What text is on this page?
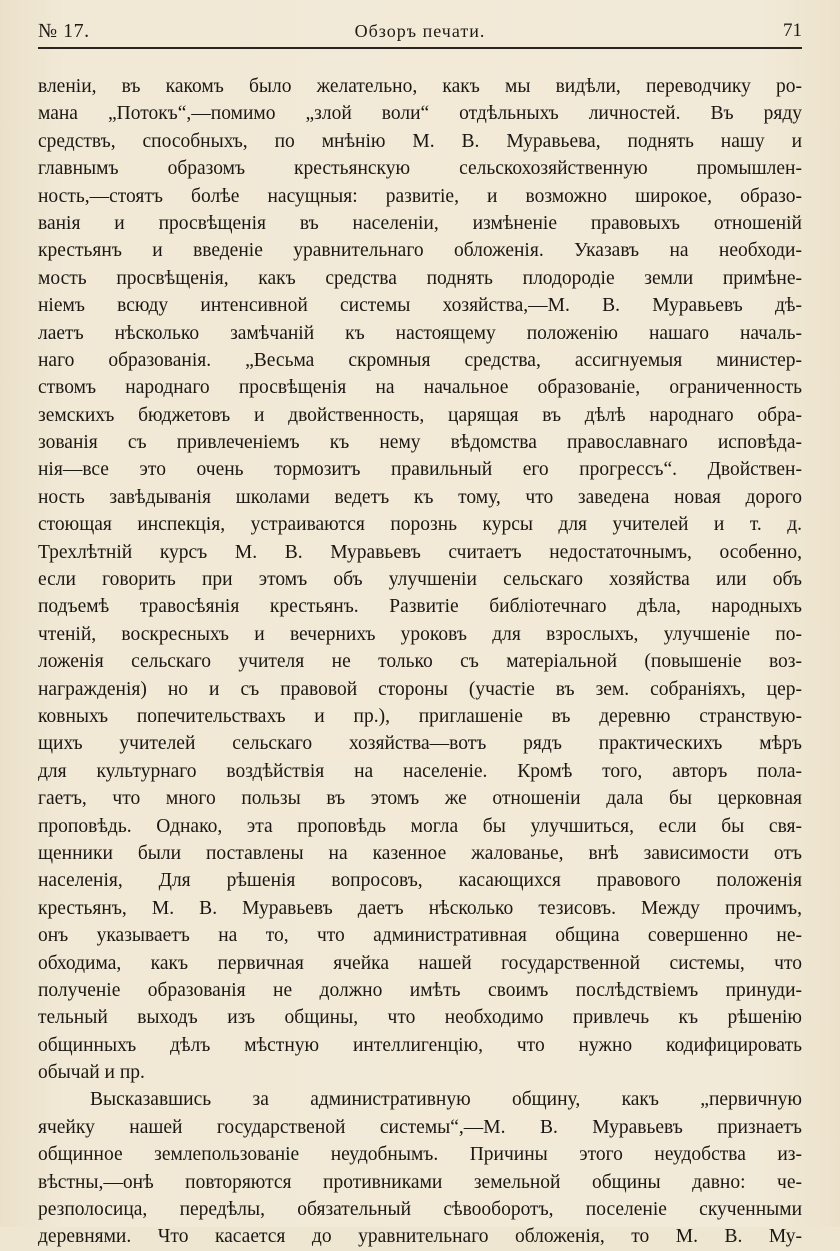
№ 17.	Обзоръ печати.	71
вленіи, въ какомъ было желательно, какъ мы видѣли, переводчику ро-
мана „Потокъ“,—помимо „злой воли“ отдѣльныхъ личностей. Въ ряду
средствъ, способныхъ, по мнѣнію М. В. Муравьева, поднять нашу и
главнымъ образомъ крестьянскую сельскохозяйственную промышлен-
ность,—стоятъ болѣе насущныя: развитіе, и возможно широкое, образо-
ванія и просвѣщенія въ населеніи, измѣненіе правовыхъ отношеній
крестьянъ и введеніе уравнительнаго обложенія. Указавъ на необходи-
мость просвѣщенія, какъ средства поднять плодородіе земли примѣне-
ніемъ всюду интенсивной системы хозяйства,—М. В. Муравьевъ дѣ-
лаетъ нѣсколько замѣчаній къ настоящему положенію нашаго началь-
наго образованія. „Весьма скромныя средства, ассигнуемыя министер-
ствомъ народнаго просвѣщенія на начальное образованіе, ограниченность
земскихъ бюджетовъ и двойственность, царящая въ дѣлѣ народнаго обра-
зованія съ привлеченіемъ къ нему вѣдомства православнаго исповѣда-
нія—все это очень тормозитъ правильный его прогрессъ“. Двойствен-
ность завѣдыванія школами ведетъ къ тому, что заведена новая дорого
стоющая инспекція, устраиваются порознь курсы для учителей и т. д.
Трехлѣтній курсъ М. В. Муравьевъ считаетъ недостаточнымъ, особенно,
если говорить при этомъ объ улучшеніи сельскаго хозяйства или объ
подъемѣ травосѣянія крестьянъ. Развитіе библіотечнаго дѣла, народныхъ
чтеній, воскресныхъ и вечернихъ уроковъ для взрослыхъ, улучшеніе по-
ложенія сельскаго учителя не только съ матеріальной (повышеніе воз-
награжденія) но и съ правовой стороны (участіе въ зем. собраніяхъ, цер-
ковныхъ попечительствахъ и пр.), приглашеніе въ деревню странствую-
щихъ учителей сельскаго хозяйства—вотъ рядъ практическихъ мѣръ
для культурнаго воздѣйствія на населеніе. Кромѣ того, авторъ пола-
гаетъ, что много пользы въ этомъ же отношеніи дала бы церковная
проповѣдь. Однако, эта проповѣдь могла бы улучшиться, если бы свя-
щенники были поставлены на казенное жалованье, внѣ зависимости отъ
населенія, Для рѣшенія вопросовъ, касающихся правового положенія
крестьянъ, М. В. Муравьевъ даетъ нѣсколько тезисовъ. Между прочимъ,
онъ указываетъ на то, что административная община совершенно не-
обходима, какъ первичная ячейка нашей государственной системы, что
полученіе образованія не должно имѣть своимъ послѣдствіемъ принуди-
тельный выходъ изъ общины, что необходимо привлечь къ рѣшенію
общинныхъ дѣлъ мѣстную интеллигенцію, что нужно кодифицировать
обычай и пр.
Высказавшись за административную общину, какъ „первичную
ячейку нашей государственой системы“,—М. В. Муравьевъ признаетъ
общинное землепользованіе неудобнымъ. Причины этого неудобства из-
вѣстны,—онѣ повторяются противниками земельной общины давно: че-
резполосица, передѣлы, обязательный сѣвооборотъ, поселеніе скученными
деревнями. Что касается до уравнительнаго обложенія, то М. В. Му-
